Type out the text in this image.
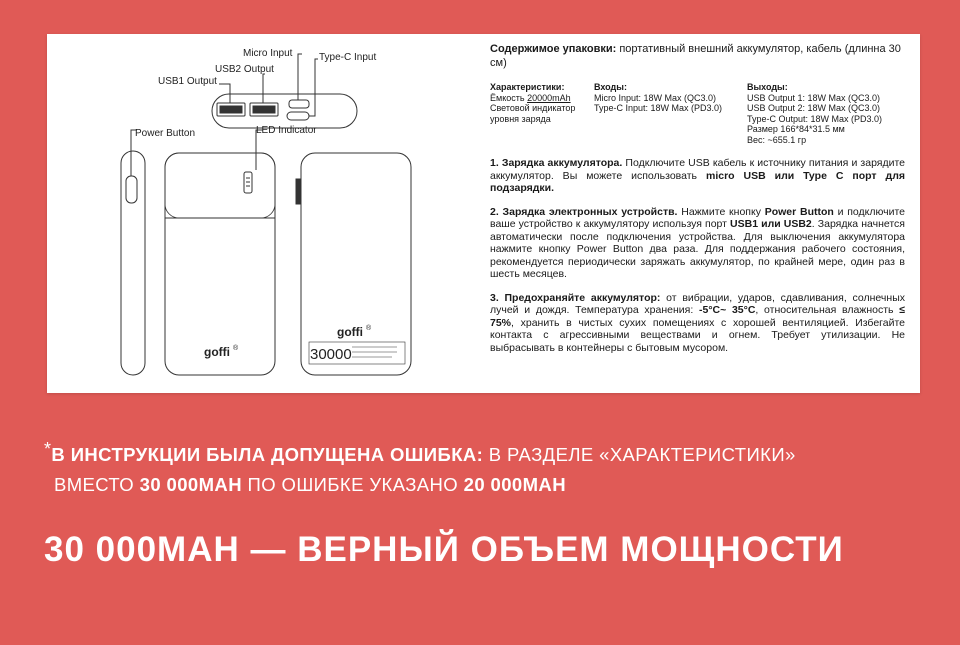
goffi ®
goffi ®
30000
Micro Input	Type-C Input
USB2 Output
USB1 Output
Power Button	LED Indicator
Содержимое упаковки: портативный внешний аккумулятор, кабель (длинна 30 см)
Характеристики:
Ёмкость 20000mAh
Световой индикатор
уровня заряда
Входы:
Micro Input: 18W Max (QC3.0)
Type-C Input: 18W Max (PD3.0)
Выходы:
USB Output 1: 18W Max (QC3.0)
USB Output 2: 18W Max (QC3.0)
Type-C Output: 18W Max (PD3.0)
Размер 166*84*31.5 мм
Вес: ~655.1 гр
1. Зарядка аккумулятора. Подключите USB кабель к источнику питания и зарядите аккумулятор. Вы можете использовать micro USB или Type C порт для подзарядки.
2. Зарядка электронных устройств. Нажмите кнопку Power Button и подключите ваше устройство к аккумулятору используя порт USB1 или USB2. Зарядка начнется автоматически после подключения устройства. Для выключения аккумулятора нажмите кнопку Power Button два раза. Для поддержания рабочего состояния, рекомендуется периодически заряжать аккумулятор, по крайней мере, один раз в шесть месяцев.
3. Предохраняйте аккумулятор: от вибрации, ударов, сдавливания, солнечных лучей и дождя. Температура хранения: -5°C~ 35°C, относительная влажность ≤ 75%, хранить в чистых сухих помещениях с хорошей вентиляцией. Избегайте контакта с агрессивными веществами и огнем. Требует утилизации. Не выбрасывать в контейнеры с бытовым мусором.
*В ИНСТРУКЦИИ БЫЛА ДОПУЩЕНА ОШИБКА: В РАЗДЕЛЕ «ХАРАКТЕРИСТИКИ»
ВМЕСТО 30 000MAH ПО ОШИБКЕ УКАЗАНО 20 000MAH
30 000MAH — ВЕРНЫЙ ОБЪЕМ МОЩНОСТИ
